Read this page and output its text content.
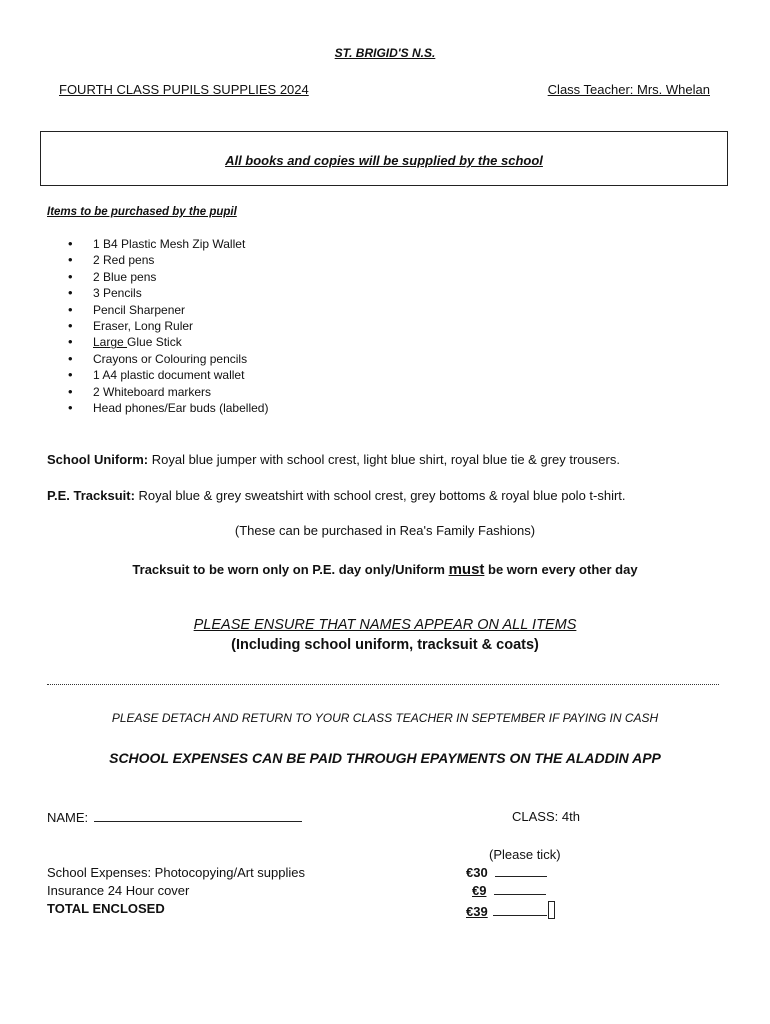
ST. BRIGID'S N.S.
FOURTH CLASS PUPILS SUPPLIES 2024	Class Teacher: Mrs. Whelan
All books and copies will be supplied by the school
Items to be purchased by the pupil
• 1 B4 Plastic Mesh Zip Wallet
• 2 Red pens
• 2 Blue pens
• 3 Pencils
• Pencil Sharpener
• Eraser, Long Ruler
• Large Glue Stick
• Crayons or Colouring pencils
• 1 A4 plastic document wallet
• 2 Whiteboard markers
• Head phones/Ear buds (labelled)
School Uniform: Royal blue jumper with school crest, light blue shirt, royal blue tie & grey trousers.
P.E. Tracksuit: Royal blue & grey sweatshirt with school crest, grey bottoms & royal blue polo t-shirt.
(These can be purchased in Rea's Family Fashions)
Tracksuit to be worn only on P.E. day only/Uniform must be worn every other day
PLEASE ENSURE THAT NAMES APPEAR ON ALL ITEMS
(Including school uniform, tracksuit & coats)
PLEASE DETACH AND RETURN TO YOUR CLASS TEACHER IN SEPTEMBER IF PAYING IN CASH
SCHOOL EXPENSES CAN BE PAID THROUGH EPAYMENTS ON THE ALADDIN APP
NAME:	CLASS: 4th
(Please tick)
School Expenses: Photocopying/Art supplies	€30
Insurance 24 Hour cover	€9
TOTAL ENCLOSED	€39
